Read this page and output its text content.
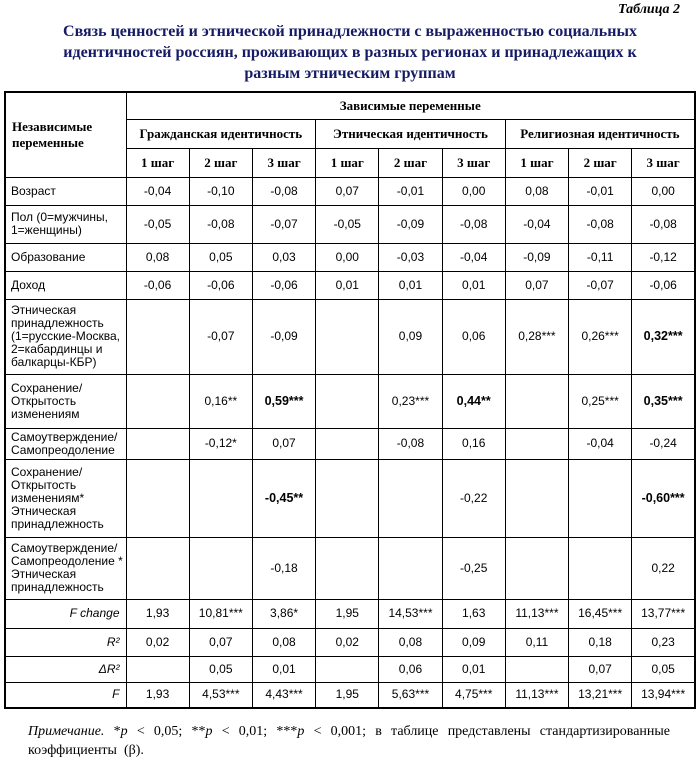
Таблица 2
Связь ценностей и этнической принадлежности с выраженностью социальных идентичностей россиян, проживающих в разных регионах и принадлежащих к разным этническим группам
Независимые переменные	Зависимые переменные								
	Гражданская идентичность			Этническая идентичность			Религиозная идентичность		
	1 шаг	2 шаг	3 шаг	1 шаг	2 шаг	3 шаг	1 шаг	2 шаг	3 шаг
Возраст	-0,04	-0,10	-0,08	0,07	-0,01	0,00	0,08	-0,01	0,00
Пол (0=мужчины, 1=женщины)	-0,05	-0,08	-0,07	-0,05	-0,09	-0,08	-0,04	-0,08	-0,08
Образование	0,08	0,05	0,03	0,00	-0,03	-0,04	-0,09	-0,11	-0,12
Доход	-0,06	-0,06	-0,06	0,01	0,01	0,01	0,07	-0,07	-0,06
Этническая принадлежность (1=русские-Москва, 2=кабардинцы и балкарцы-КБР)		-0,07	-0,09		0,09	0,06	0,28***	0,26***	0,32***
Сохранение/Открытость изменениям		0,16**	0,59***		0,23***	0,44**		0,25***	0,35***
Самоутверждение/Самопреодоление		-0,12*	0,07		-0,08	0,16		-0,04	-0,24
Сохранение/Открытость изменениям* Этническая принадлежность			-0,45**			-0,22			-0,60***
Самоутверждение/Самопреодоление * Этническая принадлежность			-0,18			-0,25			0,22
F change	1,93	10,81***	3,86*	1,95	14,53***	1,63	11,13***	16,45***	13,77***
R²	0,02	0,07	0,08	0,02	0,08	0,09	0,11	0,18	0,23
ΔR²		0,05	0,01		0,06	0,01		0,07	0,05
F	1,93	4,53***	4,43***	1,95	5,63***	4,75***	11,13***	13,21***	13,94***

Примечание. *p < 0,05; **p < 0,01; ***p < 0,001; в таблице представлены стандартизированные коэффициенты (β).
